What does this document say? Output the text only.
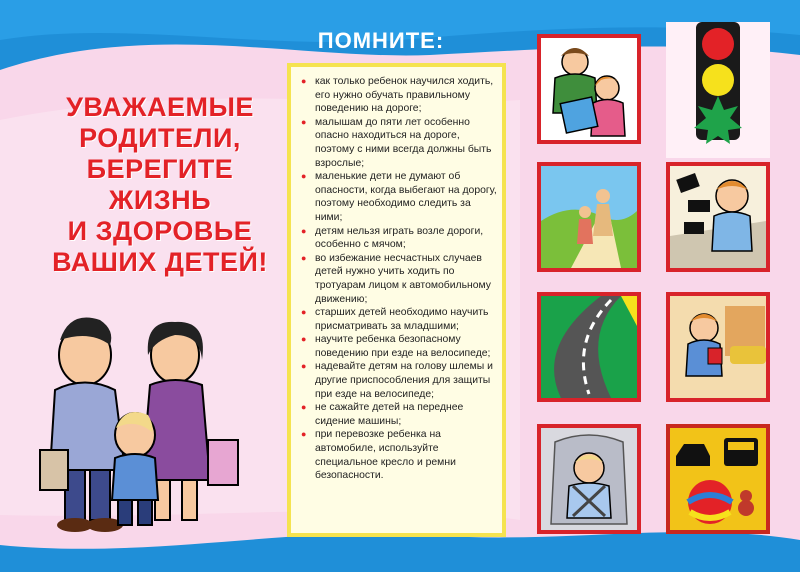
ПОМНИТЕ:
УВАЖАЕМЫЕ
РОДИТЕЛИ,
БЕРЕГИТЕ ЖИЗНЬ
И ЗДОРОВЬЕ
ВАШИХ ДЕТЕЙ!
● как только ребенок научился ходить, его нужно обучать правильному поведению на дороге;
● малышам до пяти лет особенно опасно находиться на дороге, поэтому с ними всегда должны быть взрослые;
● маленькие дети не думают об опасности, когда выбегают на дорогу, поэтому необходимо следить за ними;
● детям нельзя играть возле дороги, особенно с мячом;
● во избежание несчастных случаев детей нужно учить ходить по тротуарам лицом к автомобильному движению;
● старших детей необходимо научить присматривать за младшими;
● научите ребенка безопасному поведению при езде на велосипеде;
● надевайте детям на голову шлемы и другие приспособления для защиты при езде на велосипеде;
● не сажайте детей на переднее сидение машины;
● при перевозке ребенка на автомобиле, используйте специальное кресло и ремни безопасности.
